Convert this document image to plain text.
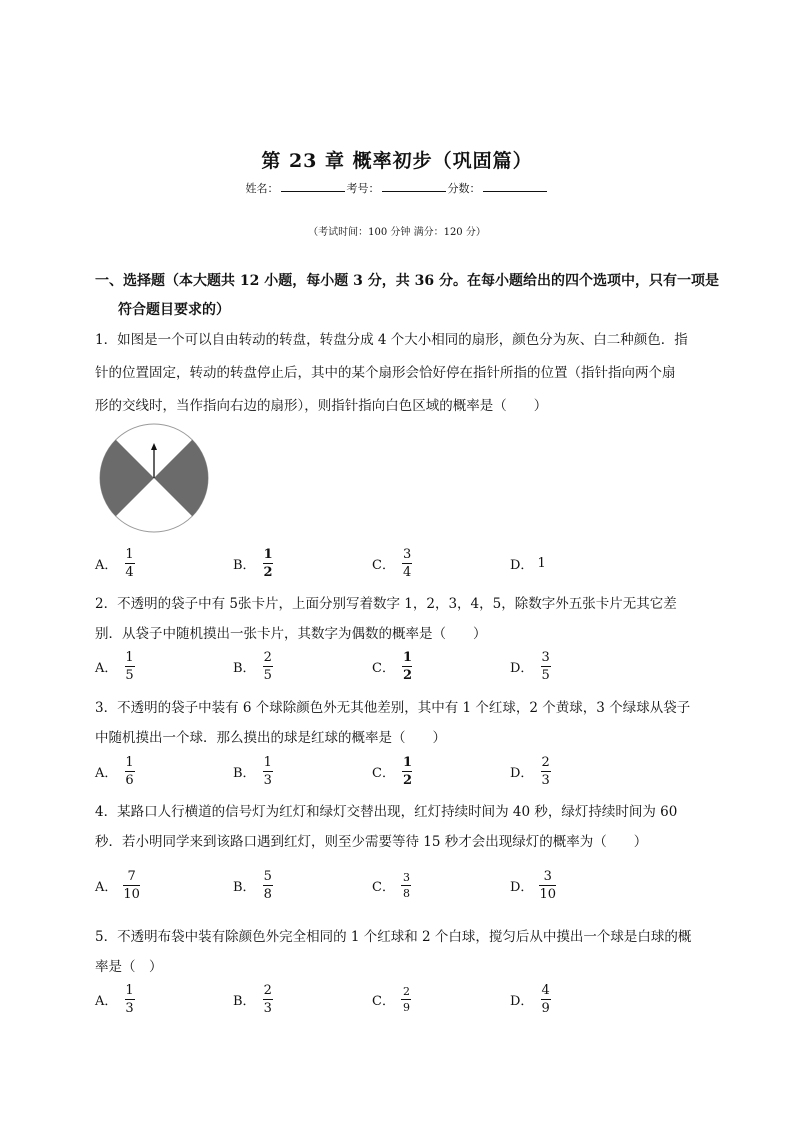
第 23 章 概率初步（巩固篇）
姓名：	考号：	分数：
（考试时间：100 分钟 满分：120 分）
一、选择题（本大题共 12 小题，每小题 3 分，共 36 分。在每小题给出的四个选项中，只有一项是
符合题目要求的）
1．如图是一个可以自由转动的转盘，转盘分成 4 个大小相同的扇形，颜色分为灰、白二种颜色．指
针的位置固定，转动的转盘停止后，其中的某个扇形会恰好停在指针所指的位置（指针指向两个扇
形的交线时，当作指向右边的扇形），则指针指向白色区域的概率是（　　）
A． $\frac{1}{4}$	B． $\frac{1}{2}$	C． $\frac{3}{4}$	D． 1
2．不透明的袋子中有 5张卡片，上面分别写着数字 1，2，3，4，5，除数字外五张卡片无其它差
别．从袋子中随机摸出一张卡片，其数字为偶数的概率是（　　）
A． $\frac{1}{5}$	B． $\frac{2}{5}$	C． $\frac{1}{2}$	D． $\frac{3}{5}$
3．不透明的袋子中装有 6 个球除颜色外无其他差别，其中有 1 个红球，2 个黄球，3 个绿球从袋子
中随机摸出一个球．那么摸出的球是红球的概率是（　　）
A． $\frac{1}{6}$	B． $\frac{1}{3}$	C． $\frac{1}{2}$	D． $\frac{2}{3}$
4．某路口人行横道的信号灯为红灯和绿灯交替出现，红灯持续时间为 40 秒，绿灯持续时间为 60
秒．若小明同学来到该路口遇到红灯，则至少需要等待 15 秒才会出现绿灯的概率为（　　）
A． $\frac{7}{10}$	B． $\frac{5}{8}$	C． $\frac{3}{8}$	D． $\frac{3}{10}$
5．不透明布袋中装有除颜色外完全相同的 1 个红球和 2 个白球，搅匀后从中摸出一个球是白球的概
率是（　）
A． $\frac{1}{3}$	B． $\frac{2}{3}$	C． $\frac{2}{9}$	D． $\frac{4}{9}$
